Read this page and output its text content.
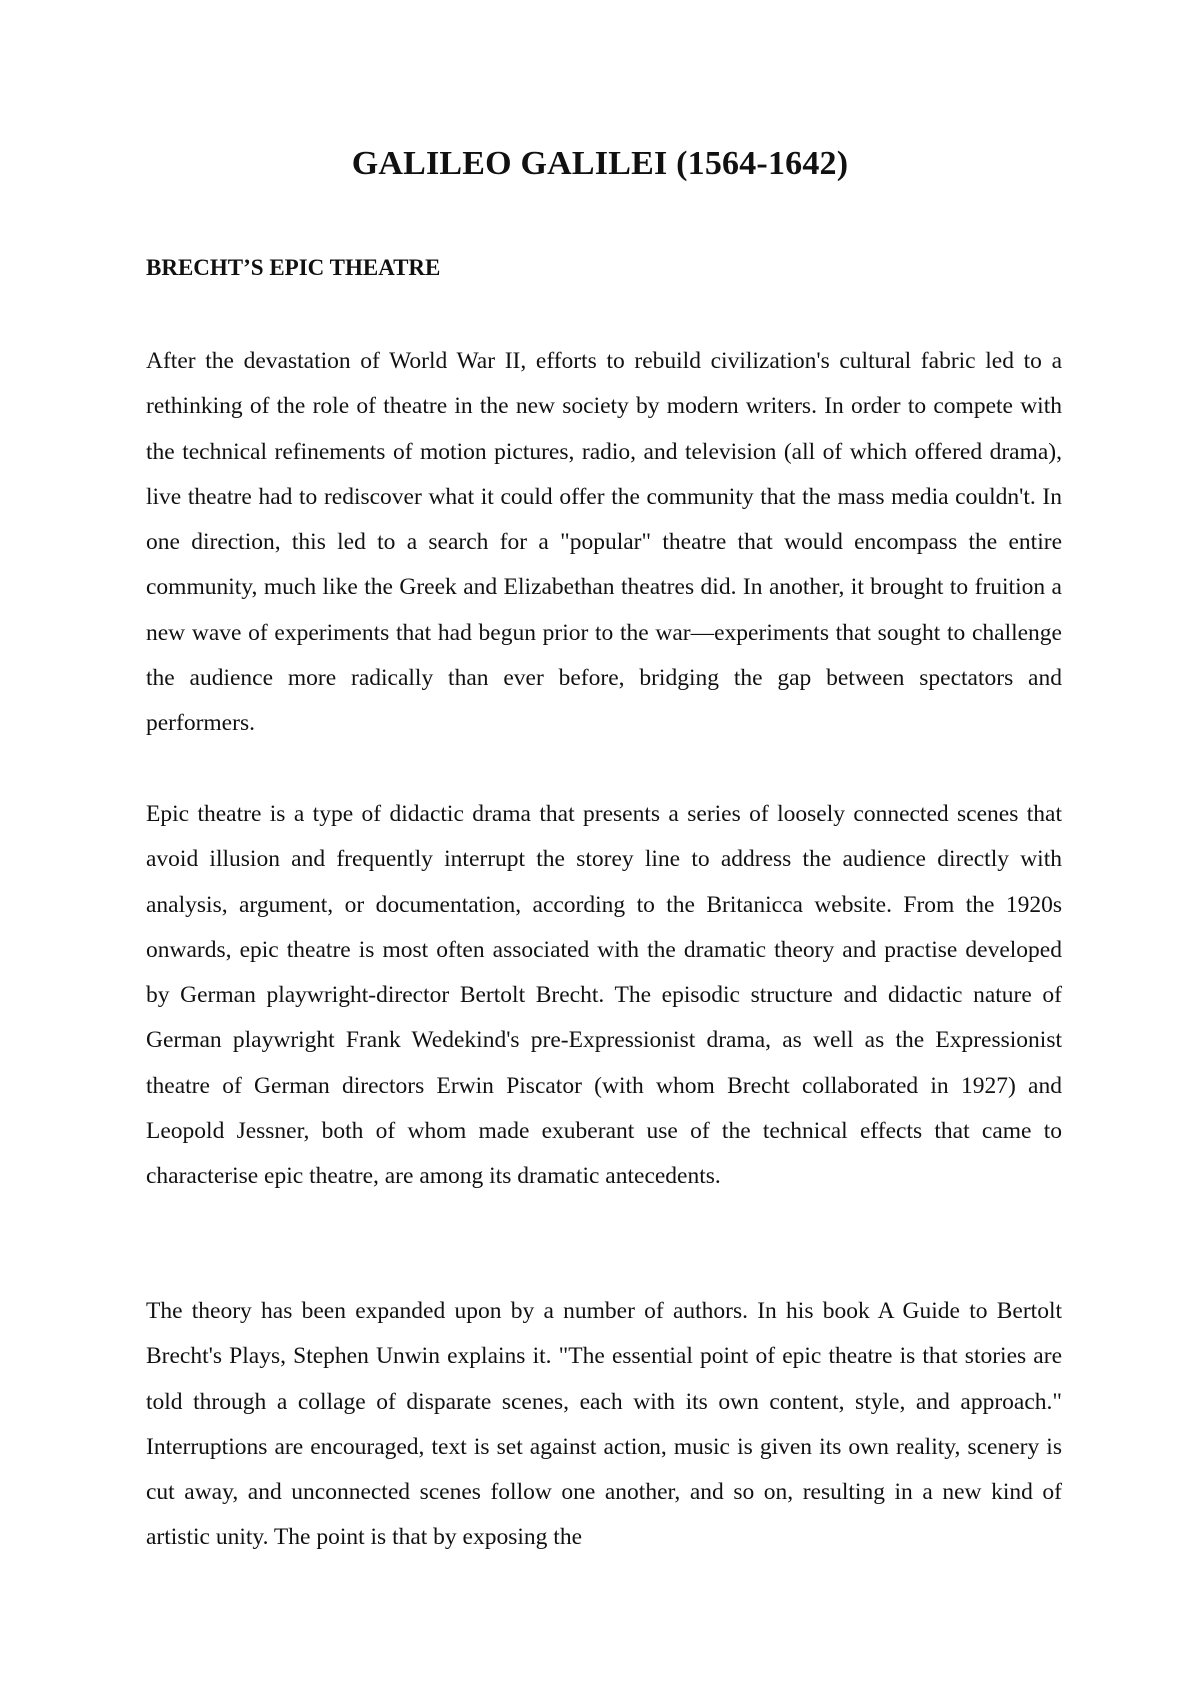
GALILEO GALILEI (1564-1642)
BRECHT’S EPIC THEATRE

After the devastation of World War II, efforts to rebuild civilization's cultural fabric led to a rethinking of the role of theatre in the new society by modern writers. In order to compete with the technical refinements of motion pictures, radio, and television (all of which offered drama), live theatre had to rediscover what it could offer the community that the mass media couldn't. In one direction, this led to a search for a "popular" theatre that would encompass the entire community, much like the Greek and Elizabethan theatres did. In another, it brought to fruition a new wave of experiments that had begun prior to the war—experiments that sought to challenge the audience more radically than ever before, bridging the gap between spectators and performers.

Epic theatre is a type of didactic drama that presents a series of loosely connected scenes that avoid illusion and frequently interrupt the storey line to address the audience directly with analysis, argument, or documentation, according to the Britanicca website. From the 1920s onwards, epic theatre is most often associated with the dramatic theory and practise developed by German playwright-director Bertolt Brecht. The episodic structure and didactic nature of German playwright Frank Wedekind's pre-Expressionist drama, as well as the Expressionist theatre of German directors Erwin Piscator (with whom Brecht collaborated in 1927) and Leopold Jessner, both of whom made exuberant use of the technical effects that came to characterise epic theatre, are among its dramatic antecedents.

The theory has been expanded upon by a number of authors. In his book A Guide to Bertolt Brecht's Plays, Stephen Unwin explains it. "The essential point of epic theatre is that stories are told through a collage of disparate scenes, each with its own content, style, and approach." Interruptions are encouraged, text is set against action, music is given its own reality, scenery is cut away, and unconnected scenes follow one another, and so on, resulting in a new kind of artistic unity. The point is that by exposing the
